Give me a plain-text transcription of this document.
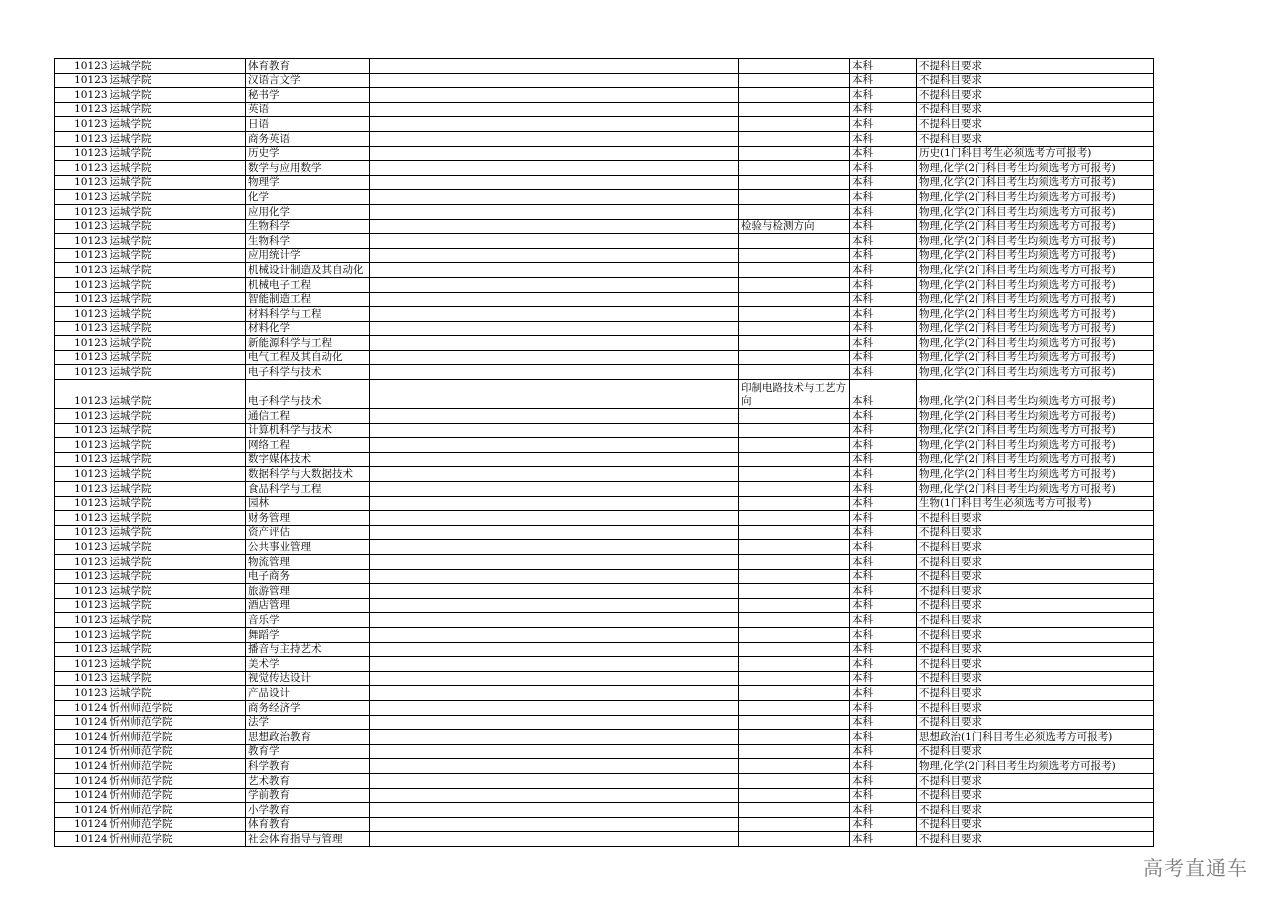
10123	运城学院	体育教育			本科	不提科目要求
10123	运城学院	汉语言文学			本科	不提科目要求
10123	运城学院	秘书学			本科	不提科目要求
10123	运城学院	英语			本科	不提科目要求
10123	运城学院	日语			本科	不提科目要求
10123	运城学院	商务英语			本科	不提科目要求
10123	运城学院	历史学			本科	历史(1门科目考生必须选考方可报考)
10123	运城学院	数学与应用数学			本科	物理,化学(2门科目考生均须选考方可报考)
10123	运城学院	物理学			本科	物理,化学(2门科目考生均须选考方可报考)
10123	运城学院	化学			本科	物理,化学(2门科目考生均须选考方可报考)
10123	运城学院	应用化学			本科	物理,化学(2门科目考生均须选考方可报考)
10123	运城学院	生物科学		检验与检测方向	本科	物理,化学(2门科目考生均须选考方可报考)
10123	运城学院	生物科学			本科	物理,化学(2门科目考生均须选考方可报考)
10123	运城学院	应用统计学			本科	物理,化学(2门科目考生均须选考方可报考)
10123	运城学院	机械设计制造及其自动化			本科	物理,化学(2门科目考生均须选考方可报考)
10123	运城学院	机械电子工程			本科	物理,化学(2门科目考生均须选考方可报考)
10123	运城学院	智能制造工程			本科	物理,化学(2门科目考生均须选考方可报考)
10123	运城学院	材料科学与工程			本科	物理,化学(2门科目考生均须选考方可报考)
10123	运城学院	材料化学			本科	物理,化学(2门科目考生均须选考方可报考)
10123	运城学院	新能源科学与工程			本科	物理,化学(2门科目考生均须选考方可报考)
10123	运城学院	电气工程及其自动化			本科	物理,化学(2门科目考生均须选考方可报考)
10123	运城学院	电子科学与技术			本科	物理,化学(2门科目考生均须选考方可报考)
10123	运城学院	电子科学与技术		印制电路技术与工艺方向	本科	物理,化学(2门科目考生均须选考方可报考)
10123	运城学院	通信工程			本科	物理,化学(2门科目考生均须选考方可报考)
10123	运城学院	计算机科学与技术			本科	物理,化学(2门科目考生均须选考方可报考)
10123	运城学院	网络工程			本科	物理,化学(2门科目考生均须选考方可报考)
10123	运城学院	数字媒体技术			本科	物理,化学(2门科目考生均须选考方可报考)
10123	运城学院	数据科学与大数据技术			本科	物理,化学(2门科目考生均须选考方可报考)
10123	运城学院	食品科学与工程			本科	物理,化学(2门科目考生均须选考方可报考)
10123	运城学院	园林			本科	生物(1门科目考生必须选考方可报考)
10123	运城学院	财务管理			本科	不提科目要求
10123	运城学院	资产评估			本科	不提科目要求
10123	运城学院	公共事业管理			本科	不提科目要求
10123	运城学院	物流管理			本科	不提科目要求
10123	运城学院	电子商务			本科	不提科目要求
10123	运城学院	旅游管理			本科	不提科目要求
10123	运城学院	酒店管理			本科	不提科目要求
10123	运城学院	音乐学			本科	不提科目要求
10123	运城学院	舞蹈学			本科	不提科目要求
10123	运城学院	播音与主持艺术			本科	不提科目要求
10123	运城学院	美术学			本科	不提科目要求
10123	运城学院	视觉传达设计			本科	不提科目要求
10123	运城学院	产品设计			本科	不提科目要求
10124	忻州师范学院	商务经济学			本科	不提科目要求
10124	忻州师范学院	法学			本科	不提科目要求
10124	忻州师范学院	思想政治教育			本科	思想政治(1门科目考生必须选考方可报考)
10124	忻州师范学院	教育学			本科	不提科目要求
10124	忻州师范学院	科学教育			本科	物理,化学(2门科目考生均须选考方可报考)
10124	忻州师范学院	艺术教育			本科	不提科目要求
10124	忻州师范学院	学前教育			本科	不提科目要求
10124	忻州师范学院	小学教育			本科	不提科目要求
10124	忻州师范学院	体育教育			本科	不提科目要求
10124	忻州师范学院	社会体育指导与管理			本科	不提科目要求
高考直通车
